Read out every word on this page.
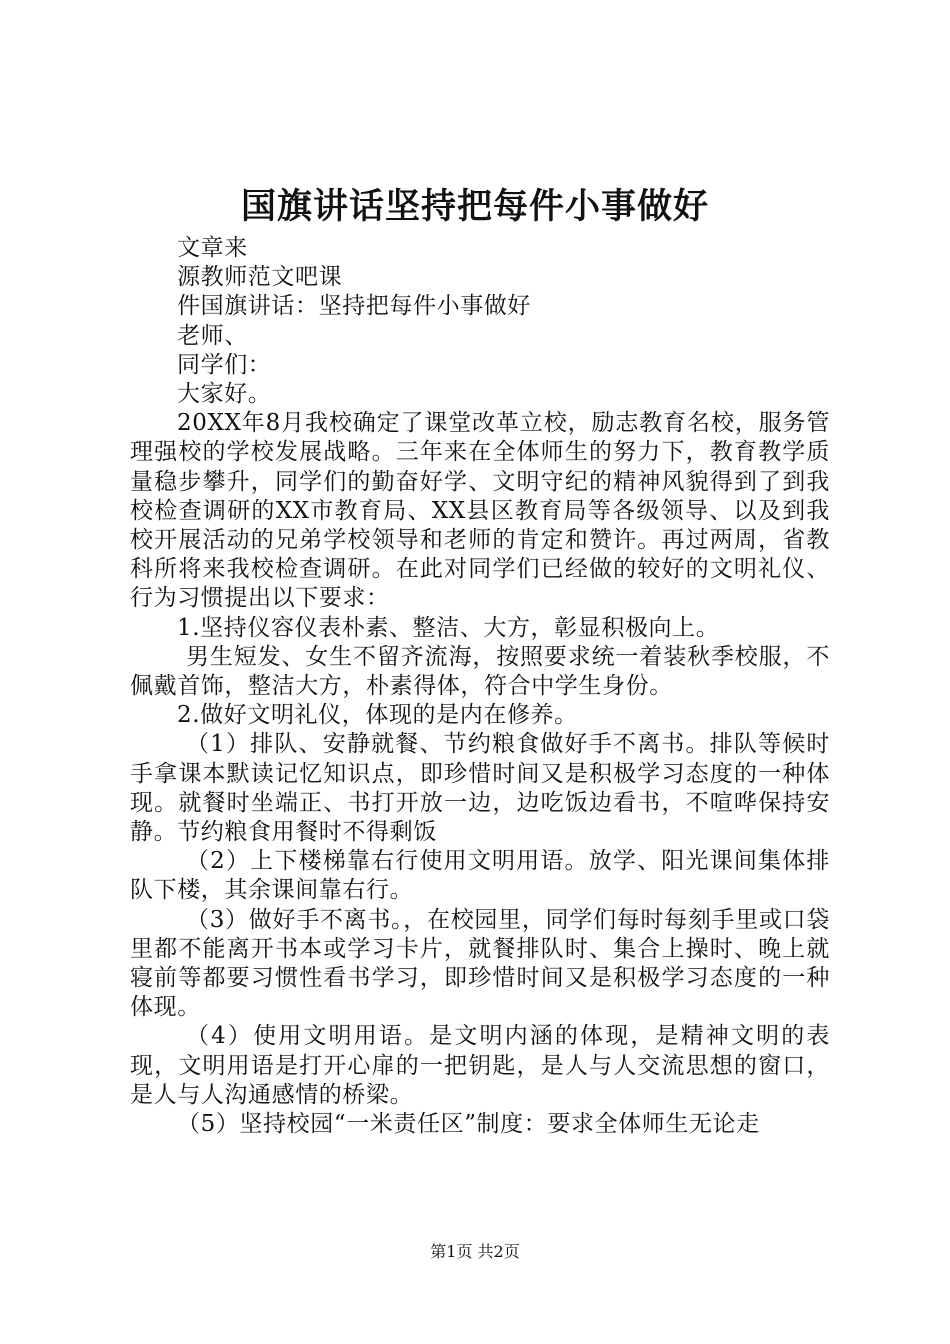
国旗讲话坚持把每件小事做好

文章来

源教师范文吧课

件国旗讲话：坚持把每件小事做好

老师、

同学们：

大家好。

20XX年8月我校确定了课堂改革立校，励志教育名校，服务管理强校的学校发展战略。三年来在全体师生的努力下，教育教学质量稳步攀升，同学们的勤奋好学、文明守纪的精神风貌得到了到我校检查调研的XX市教育局、XX县区教育局等各级领导、以及到我校开展活动的兄弟学校领导和老师的肯定和赞许。再过两周，省教科所将来我校检查调研。在此对同学们已经做的较好的文明礼仪、行为习惯提出以下要求：

1.坚持仪容仪表朴素、整洁、大方，彰显积极向上。

男生短发、女生不留齐流海，按照要求统一着装秋季校服，不佩戴首饰，整洁大方，朴素得体，符合中学生身份。

2.做好文明礼仪，体现的是内在修养。

（1）排队、安静就餐、节约粮食做好手不离书。排队等候时手拿课本默读记忆知识点，即珍惜时间又是积极学习态度的一种体现。就餐时坐端正、书打开放一边，边吃饭边看书，不喧哗保持安静。节约粮食用餐时不得剩饭

（2）上下楼梯靠右行使用文明用语。放学、阳光课间集体排队下楼，其余课间靠右行。

（3）做好手不离书。，在校园里，同学们每时每刻手里或口袋里都不能离开书本或学习卡片，就餐排队时、集合上操时、晚上就寝前等都要习惯性看书学习，即珍惜时间又是积极学习态度的一种体现。

（4）使用文明用语。是文明内涵的体现，是精神文明的表现，文明用语是打开心扉的一把钥匙，是人与人交流思想的窗口，是人与人沟通感情的桥梁。

（5）坚持校园“一米责任区”制度：要求全体师生无论走

第1页 共2页
